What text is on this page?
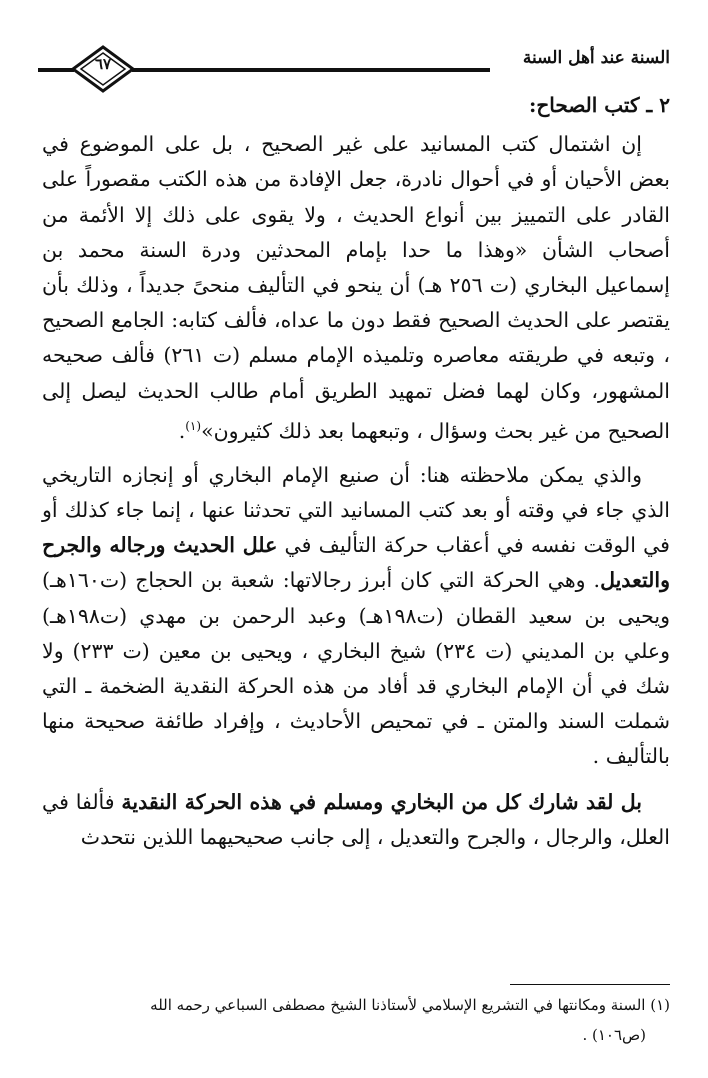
السنة عند أهل السنة
٦٧

٢ ـ كتب الصحاح:

إن اشتمال كتب المسانيد على غير الصحيح ، بل على الموضوع في بعض الأحيان أو في أحوال نادرة، جعل الإفادة من هذه الكتب مقصوراً على القادر على التمييز بين أنواع الحديث ، ولا يقوى على ذلك إلا الأئمة من أصحاب الشأن «وهذا ما حدا بإمام المحدثين ودرة السنة محمد بن إسماعيل البخاري (ت ٢٥٦ هـ) أن ينحو في التأليف منحىً جديداً ، وذلك بأن يقتصر على الحديث الصحيح فقط دون ما عداه، فألف كتابه: الجامع الصحيح ، وتبعه في طريقته معاصره وتلميذه الإمام مسلم (ت ٢٦١) فألف صحيحه المشهور، وكان لهما فضل تمهيد الطريق أمام طالب الحديث ليصل إلى الصحيح من غير بحث وسؤال ، وتبعهما بعد ذلك كثيرون»$^{(١)}$.

والذي يمكن ملاحظته هنا: أن صنيع الإمام البخاري أو إنجازه التاريخي الذي جاء في وقته أو بعد كتب المسانيد التي تحدثنا عنها ، إنما جاء كذلك أو في الوقت نفسه في أعقاب حركة التأليف في علل الحديث ورجاله والجرح والتعديل. وهي الحركة التي كان أبرز رجالاتها: شعبة بن الحجاج (ت١٦٠هـ) ويحيى بن سعيد القطان (ت١٩٨هـ) وعبد الرحمن بن مهدي (ت١٩٨هـ) وعلي بن المديني (ت ٢٣٤) شيخ البخاري ، ويحيى بن معين (ت ٢٣٣) ولا شك في أن الإمام البخاري قد أفاد من هذه الحركة النقدية الضخمة ـ التي شملت السند والمتن ـ في تمحيص الأحاديث ، وإفراد طائفة صحيحة منها بالتأليف .

بل لقد شارك كل من البخاري ومسلم في هذه الحركة النقدية فألفا في العلل، والرجال ، والجرح والتعديل ، إلى جانب صحيحيهما اللذين نتحدث

(١) السنة ومكانتها في التشريع الإسلامي لأستاذنا الشيخ مصطفى السباعي رحمه الله

(ص١٠٦) .
